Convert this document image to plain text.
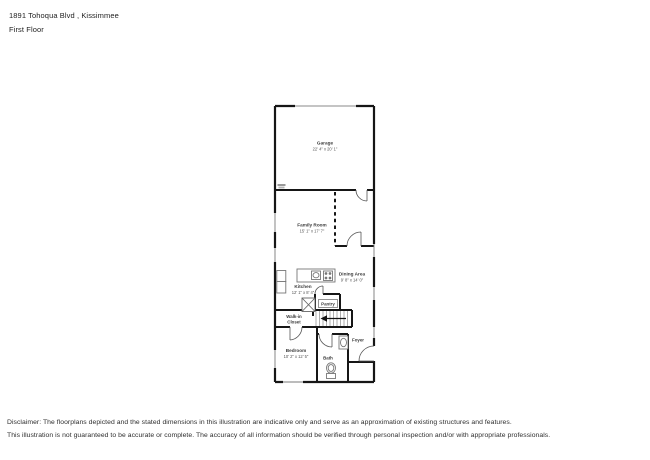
1891 Tohoqua Blvd , Kissimmee
First Floor
Garage
22' 4" x 20' 1"
Family Room
15' 1" x 17' 7"
Dining Area
9' 8" x 14' 0"
Kitchen
12' 1" x 8' 4"
Pantry
Walk-in
Closet
Bedroom
10' 2" x 12' 5"	Bath
Foyer
Disclaimer: The floorplans depicted and the stated dimensions in this illustration are indicative only and serve as an approximation of existing structures and features.
This illustration is not guaranteed to be accurate or complete. The accuracy of all information should be verified through personal inspection and/or with appropriate professionals.
